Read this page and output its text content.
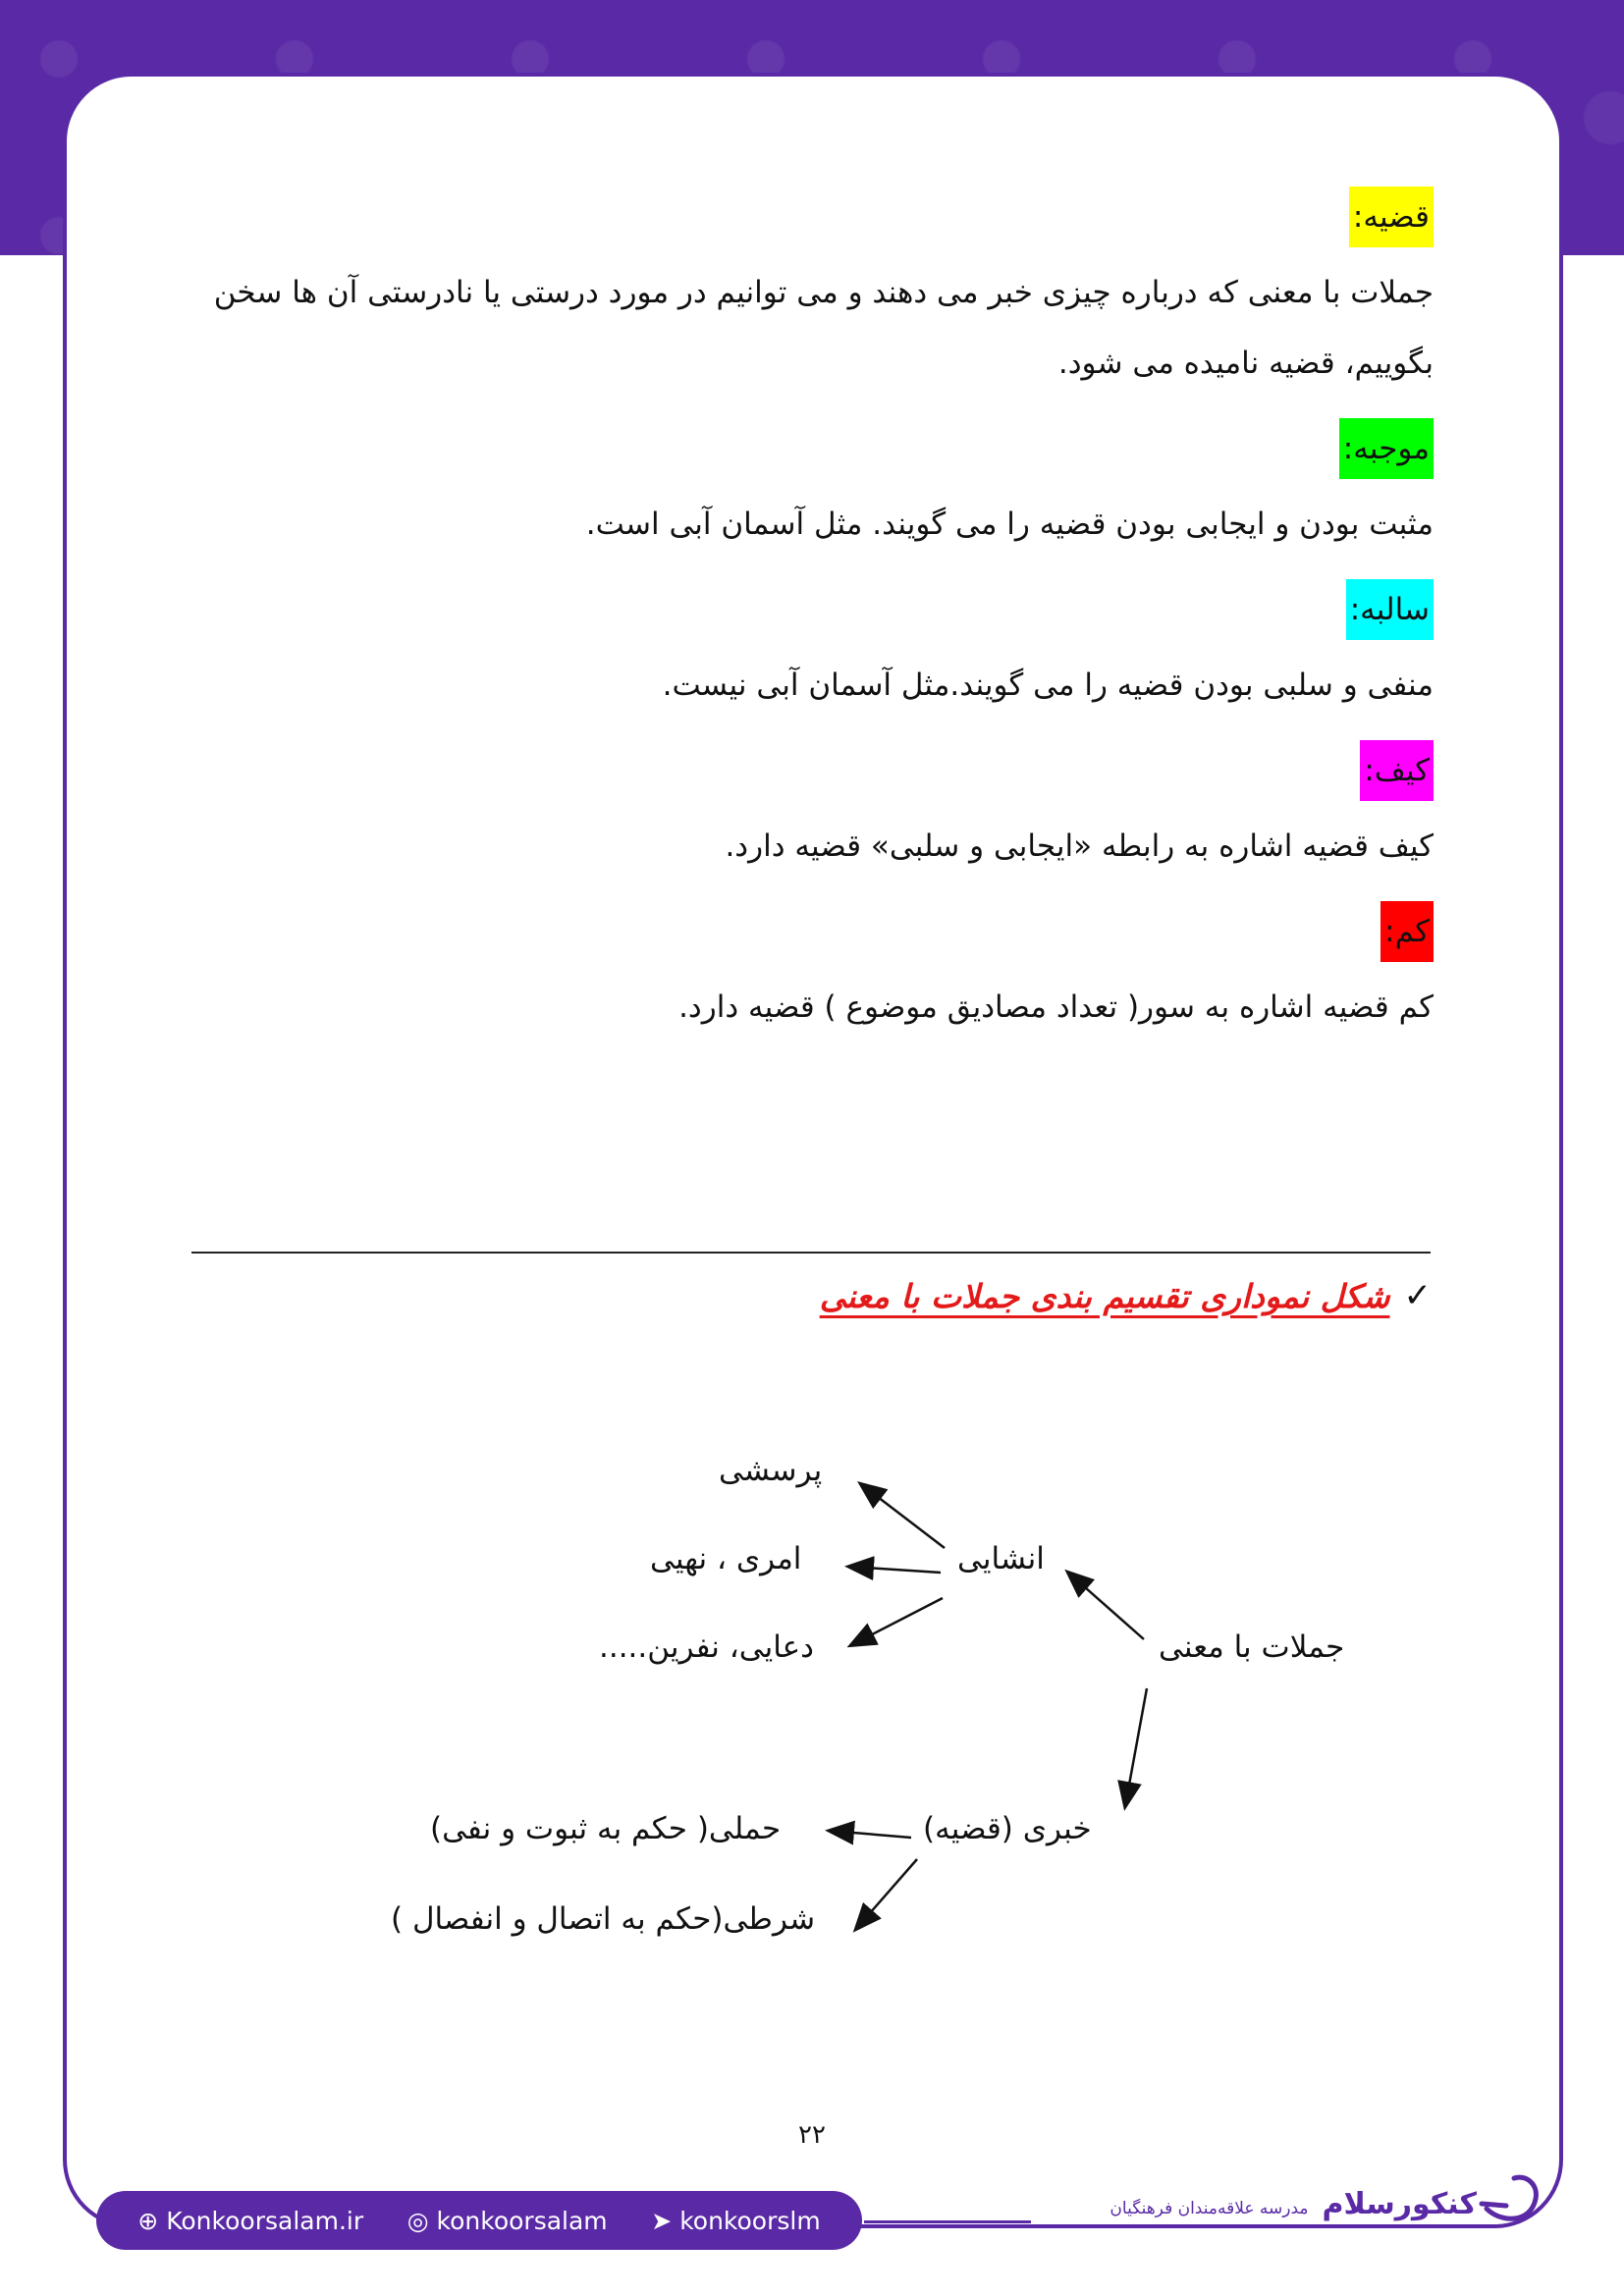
قضیه:

جملات با معنی که درباره چیزی خبر می دهند و می توانیم در مورد درستی یا نادرستی آن ها سخن بگوییم، قضیه نامیده می شود.

موجبه:

مثبت بودن و ایجابی بودن قضیه را می گویند. مثل آسمان آبی است.

سالبه:

منفی و سلبی بودن قضیه را می گویند.مثل آسمان آبی نیست.

کیف:

کیف قضیه اشاره به رابطه «ایجابی و سلبی» قضیه دارد.

کم:

کم قضیه اشاره به سور( تعداد مصادیق موضوع ) قضیه دارد.

✓
شکل نموداری تقسیم بندی جملات با معنی
جملات با معنی
انشایی
خبری (قضیه)
پرسشی
امری ، نهیی
دعایی، نفرین.....
حملی( حکم به ثبوت و نفی)
شرطی(حکم به اتصال و انفصال )
۲۲
⊕ Konkoorsalam.ir ◎ konkoorsalam ➤ konkoorslm	کنکورسلام
مدرسه علاقه‌مندان فرهنگیان
